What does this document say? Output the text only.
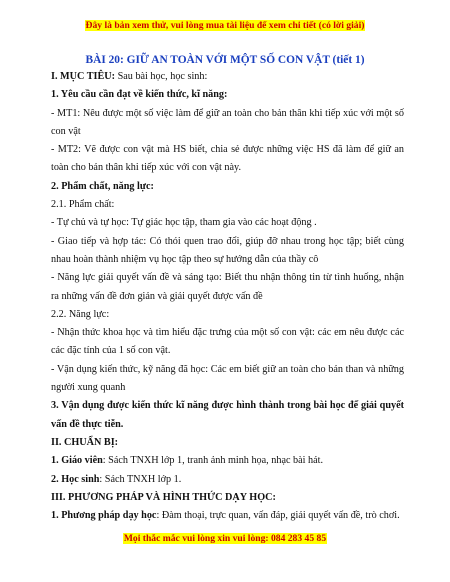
Đây là bản xem thử, vui lòng mua tài liệu để xem chi tiết (có lời giải)
BÀI 20: GIỮ AN TOÀN VỚI MỘT SỐ CON VẬT (tiết 1)

I. MỤC TIÊU: Sau bài học, học sinh:

1. Yêu cầu cần đạt về kiến thức, kĩ năng:

- MT1: Nêu được một số việc làm để giữ an toàn cho bản thân khi tiếp xúc với một số con vật

- MT2: Vẽ được con vật mà HS biết, chia sẻ được những việc HS đã làm để giữ an toàn cho bản thân khi tiếp xúc với con vật này.

2. Phẩm chất, năng lực:

2.1. Phẩm chất:

- Tự chủ và tự học: Tự giác học tập, tham gia vào các hoạt động .

- Giao tiếp và hợp tác: Có thói quen trao đổi, giúp đỡ nhau trong học tập; biết cùng nhau hoàn thành nhiệm vụ học tập theo sự hướng dẫn của thầy cô

- Năng lực giải quyết vấn đề và sáng tạo: Biết thu nhận thông tin từ tình huống, nhận ra những vấn đề đơn giản và giải quyết được vấn đề

2.2. Năng lực:

- Nhận thức khoa học và tìm hiểu đặc trưng của một số con vật: các em nêu được các các đặc tính của 1 số con vật.

- Vận dụng kiến thức, kỹ năng đã học: Các em biết giữ an toàn cho bản than và những người xung quanh

3. Vận dụng được kiến thức kĩ năng được hình thành trong bài học để giải quyết vấn đề thực tiễn.

II. CHUẨN BỊ:

1. Giáo viên: Sách TNXH lớp 1, tranh ảnh minh họa, nhạc bài hát.

2. Học sinh: Sách TNXH lớp 1.

III. PHƯƠNG PHÁP VÀ HÌNH THỨC DẠY HỌC:

1. Phương pháp dạy học: Đàm thoại, trực quan, vấn đáp, giải quyết vấn đề, trò chơi.

Mọi thắc mắc vui lòng xin vui lòng: 084 283 45 85
